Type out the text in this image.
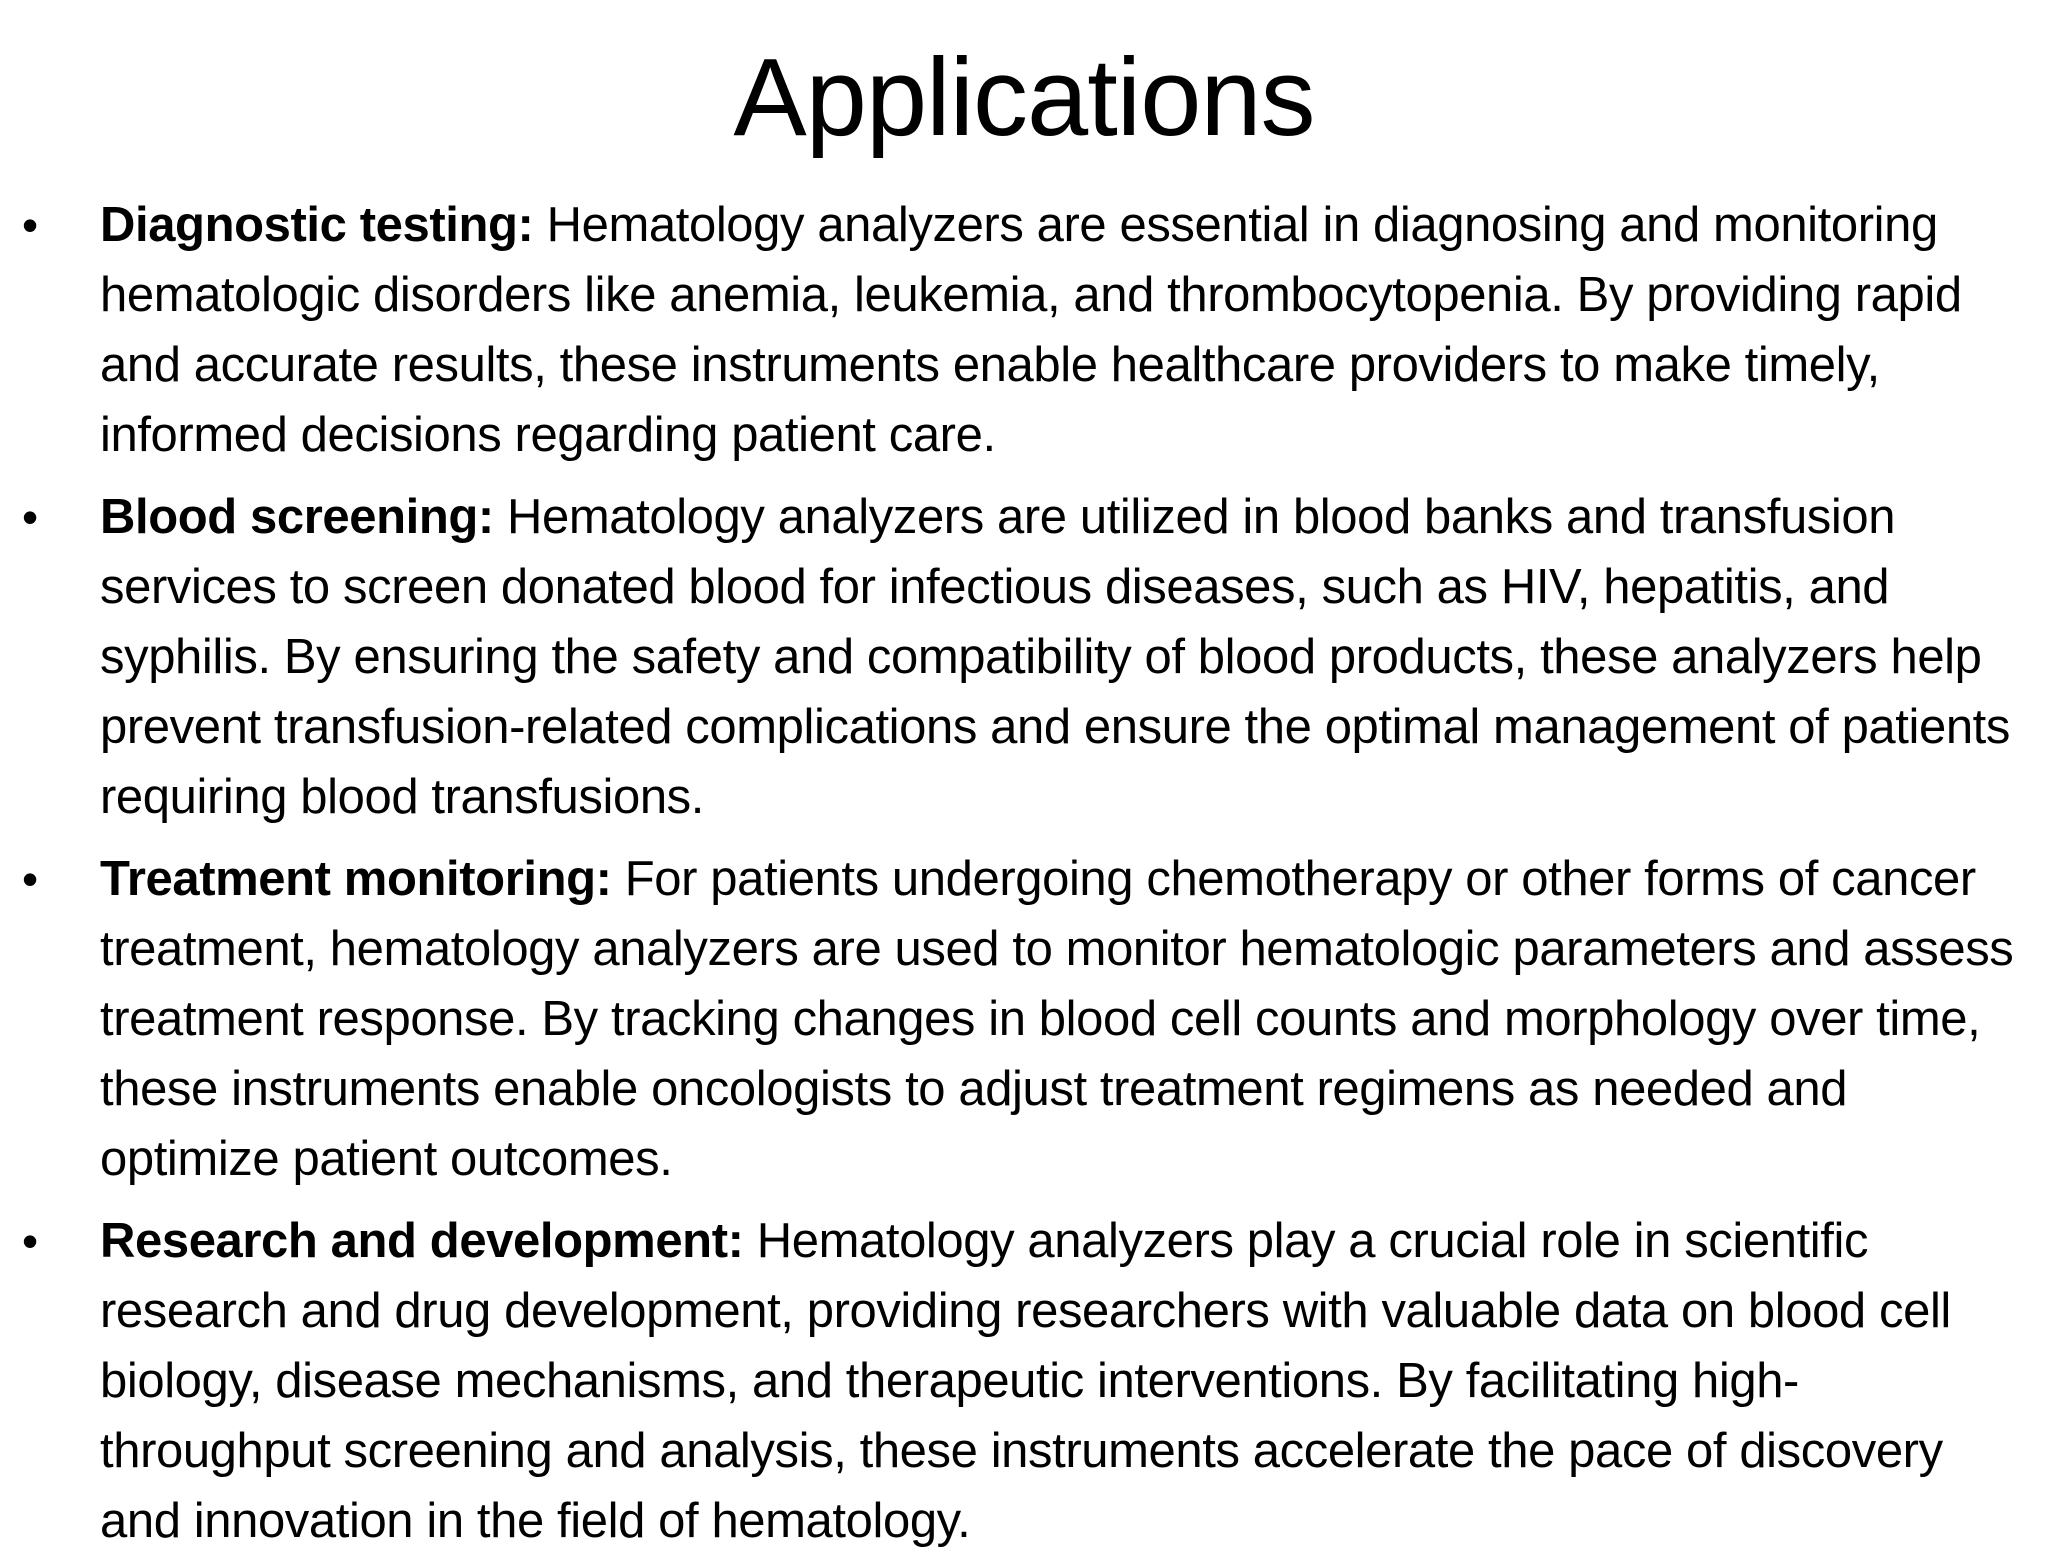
Applications
•	Diagnostic testing: Hematology analyzers are essential in diagnosing and monitoring hematologic disorders like anemia, leukemia, and thrombocytopenia. By providing rapid and accurate results, these instruments enable healthcare providers to make timely, informed decisions regarding patient care.
•	Blood screening: Hematology analyzers are utilized in blood banks and transfusion services to screen donated blood for infectious diseases, such as HIV, hepatitis, and syphilis. By ensuring the safety and compatibility of blood products, these analyzers help prevent transfusion-related complications and ensure the optimal management of patients requiring blood transfusions.
•	Treatment monitoring: For patients undergoing chemotherapy or other forms of cancer treatment, hematology analyzers are used to monitor hematologic parameters and assess treatment response. By tracking changes in blood cell counts and morphology over time, these instruments enable oncologists to adjust treatment regimens as needed and optimize patient outcomes.
•	Research and development: Hematology analyzers play a crucial role in scientific research and drug development, providing researchers with valuable data on blood cell biology, disease mechanisms, and therapeutic interventions. By facilitating high-throughput screening and analysis, these instruments accelerate the pace of discovery and innovation in the field of hematology.
